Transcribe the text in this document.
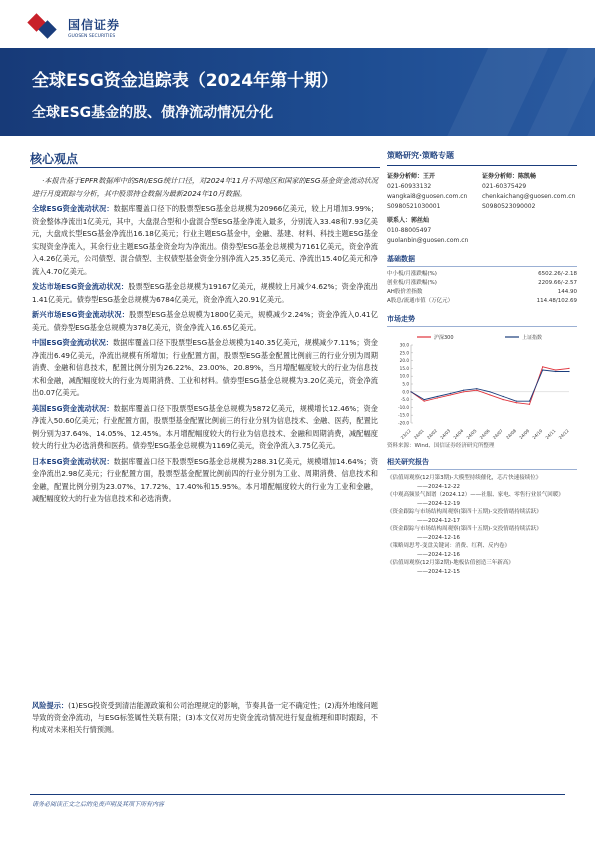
国信证券
GUOSEN SECURITIES
全球ESG资金追踪表（2024年第十期）
全球ESG基金的股、债净流动情况分化
核心观点

·本报告基于EPFR数据库中的SRI/ESG统计口径，对2024年11月不同地区和国家的ESG基金资金流动状况进行月度跟踪与分析，其中股票持仓数据为最新2024年10月数据。

全球ESG资金流动状况：数据库覆盖口径下的股票型ESG基金总规模为20966亿美元，较上月增加3.99%；资金整体净流出1亿美元，其中，大盘混合型和小盘混合型ESG基金净流入最多，分别流入33.48和7.93亿美元，大盘成长型ESG基金净流出16.18亿美元；行业主题ESG基金中，金融、基建、材料、科技主题ESG基金实现资金净流入，其余行业主题ESG基金资金均为净流出。债券型ESG基金总规模为7161亿美元，资金净流入4.26亿美元，公司债型、混合债型、主权债型基金资金分别净流入25.35亿美元、净流出15.40亿美元和净流入4.70亿美元。

发达市场ESG资金流动状况：股票型ESG基金总规模为19167亿美元，规模较上月减少4.62%；资金净流出1.41亿美元。债券型ESG基金总规模为6784亿美元，资金净流入20.91亿美元。

新兴市场ESG资金流动状况：股票型ESG基金总规模为1800亿美元，规模减少2.24%；资金净流入0.41亿美元。债券型ESG基金总规模为378亿美元，资金净流入16.65亿美元。

中国ESG资金流动状况：数据库覆盖口径下股票型ESG基金总规模为140.35亿美元，规模减少7.11%；资金净流出6.49亿美元，净流出规模有所增加；行业配置方面，股票型ESG基金配置比例前三的行业分别为周期消费、金融和信息技术，配置比例分别为26.22%、23.00%、20.89%，当月增配幅度较大的行业为信息技术和金融，减配幅度较大的行业为周期消费、工业和材料。债券型ESG基金总规模为3.20亿美元，资金净流出0.07亿美元。

美国ESG资金流动状况：数据库覆盖口径下股票型ESG基金总规模为5872亿美元，规模增长12.46%；资金净流入50.60亿美元；行业配置方面，股票型基金配置比例前三的行业分别为信息技术、金融、医药，配置比例分别为37.64%、14.05%、12.45%。本月增配幅度较大的行业为信息技术、金融和周期消费，减配幅度较大的行业为必选消费和医药。债券型ESG基金总规模为1169亿美元，资金净流入3.75亿美元。

日本ESG资金流动状况：数据库覆盖口径下股票型ESG基金总规模为288.31亿美元，规模增加14.64%；资金净流出2.98亿美元；行业配置方面，股票型基金配置比例前四的行业分别为工业、周期消费、信息技术和金融，配置比例分别为23.07%、17.72%、17.40%和15.95%。本月增配幅度较大的行业为工业和金融，减配幅度较大的行业为信息技术和必选消费。

风险提示：(1)ESG投资受到清洁能源政策和公司治理规定的影响，节奏具备一定不确定性；(2)海外地缘问题导致的资金净流动，与ESG标签属性关联有限；(3)本文仅对历史资金流动情况进行复盘梳理和即时跟踪，不构成对未来相关行情预测。
策略研究·策略专题
证券分析师：王开
021-60933132
wangkai8@guosen.com.cn
S0980521030001
证券分析师：陈凯畅
021-60375429
chenkaichang@guosen.com.cn
S0980523090002
联系人：郭丝灿
010-88005497
guolanbin@guosen.com.cn
基础数据
中小板/月涨跌幅(%)	6502.26/-2.18
创业板/月涨跌幅(%)	2209.66/-2.57
AH股价差指数	144.90
A股总/流通市值（万亿元）	114.48/102.69
市场走势
沪深300	上证指数
30.0
25.0
20.0
15.0
10.0
5.0
0.0
-5.0
-10.0
-15.0
-20.0
23/12 24/01 24/02 24/03 24/04 24/05 24/06 24/07 24/08 24/09 24/10 24/11 24/12
资料来源：Wind、国信证券经济研究所整理
相关研究报告
《估值周观察(12月第3期)-大模型持续催化，芯片快速接续位》
——2024-12-22
《中观高频景气图谱（2024.12）——社服、家电、零售行业景气回暖》
——2024-12-19
《资金跟踪与市场结构周观察(第四十五期)-交投情绪持续活跃》
——2024-12-17
《资金跟踪与市场结构周观察(第四十五期)-交投情绪持续活跃》
——2024-12-16
《策略周思考-变盘关键词：消费、红利、反内卷》
——2024-12-16
《估值周观察(12月第2期)-地板估值创造三年新高》
——2024-12-15
请务必阅读正文之后的免责声明及其项下所有内容
